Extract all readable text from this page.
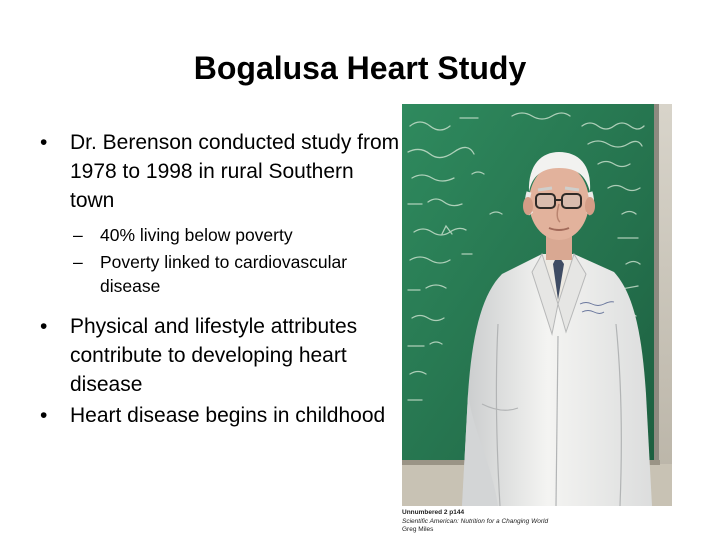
Bogalusa Heart Study
•	Dr. Berenson conducted study from 1978 to 1998 in rural Southern town
– 40% living below poverty
– Poverty linked to cardiovascular disease
•	Physical and lifestyle attributes contribute to developing heart disease
•	Heart disease begins in childhood
Unnumbered 2 p144
Scientific American: Nutrition for a Changing World
Greg Miles
